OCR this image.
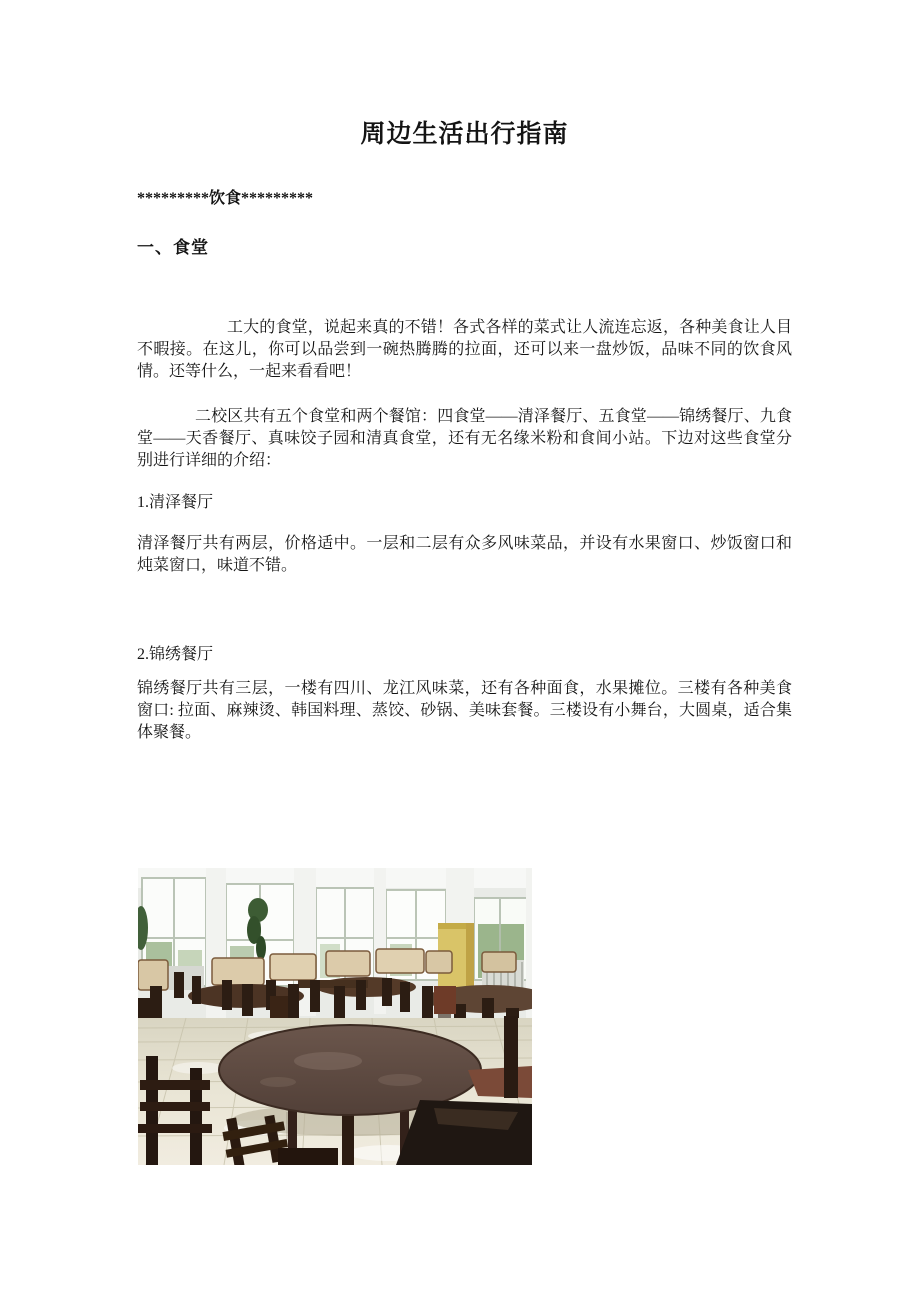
周边生活出行指南
*********饮食*********
一、食堂
工大的食堂，说起来真的不错！各式各样的菜式让人流连忘返，各种美食让人目不暇接。在这儿，你可以品尝到一碗热腾腾的拉面，还可以来一盘炒饭，品味不同的饮食风情。还等什么，一起来看看吧！
二校区共有五个食堂和两个餐馆：四食堂——清泽餐厅、五食堂——锦绣餐厅、九食堂——天香餐厅、真味饺子园和清真食堂，还有无名缘米粉和食间小站。下边对这些食堂分别进行详细的介绍：
1.清泽餐厅
清泽餐厅共有两层，价格适中。一层和二层有众多风味菜品，并设有水果窗口、炒饭窗口和炖菜窗口，味道不错。
2.锦绣餐厅
锦绣餐厅共有三层，一楼有四川、龙江风味菜，还有各种面食，水果摊位。三楼有各种美食窗口: 拉面、麻辣烫、韩国料理、蒸饺、砂锅、美味套餐。三楼设有小舞台，大圆桌，适合集体聚餐。
